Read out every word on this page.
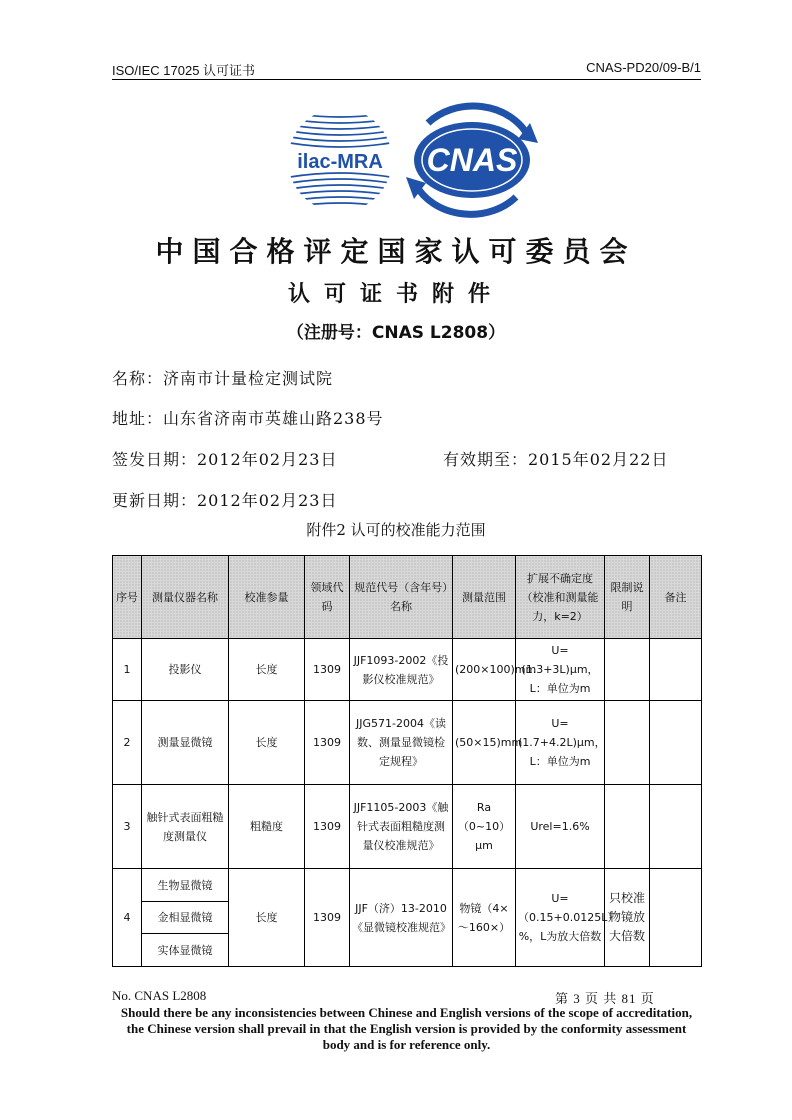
ISO/IEC 17025 认可证书	CNAS-PD20/09-B/1
ilac-MRA CNAS
中国合格评定国家认可委员会
认可证书附件
（注册号：CNAS L2808）
名称：济南市计量检定测试院
地址：山东省济南市英雄山路238号
签发日期：2012年02月23日	有效期至：2015年02月22日
更新日期：2012年02月23日
附件2 认可的校准能力范围
序号	测量仪器名称	校准参量	领域代码	规范代号（含年号）名称	测量范围	扩展不确定度（校准和测量能力，k=2）	限制说明	备注
1	投影仪	长度	1309	JJF1093-2002《投影仪校准规范》	(200×100)mm	U=(1.3+3L)μm，L：单位为m		
2	测量显微镜	长度	1309	JJG571-2004《读数、测量显微镜检定规程》	(50×15)mm	U=(1.7+4.2L)μm，L：单位为m		
3	触针式表面粗糙度测量仪	粗糙度	1309	JJF1105-2003《触针式表面粗糙度测量仪校准规范》	Ra（0~10）μm	Urel=1.6%		
4	生物显微镜	长度	1309	JJF（济）13-2010《显微镜校准规范》	物镜（4×～160×）	U=（0.15+0.0125L）%，L为放大倍数	只校准物镜放大倍数	
	金相显微镜							
	实体显微镜							
No. CNAS L2808	第 3 页 共 81 页
Should there be any inconsistencies between Chinese and English versions of the scope of accreditation, the Chinese version shall prevail in that the English version is provided by the conformity assessment body and is for reference only.
